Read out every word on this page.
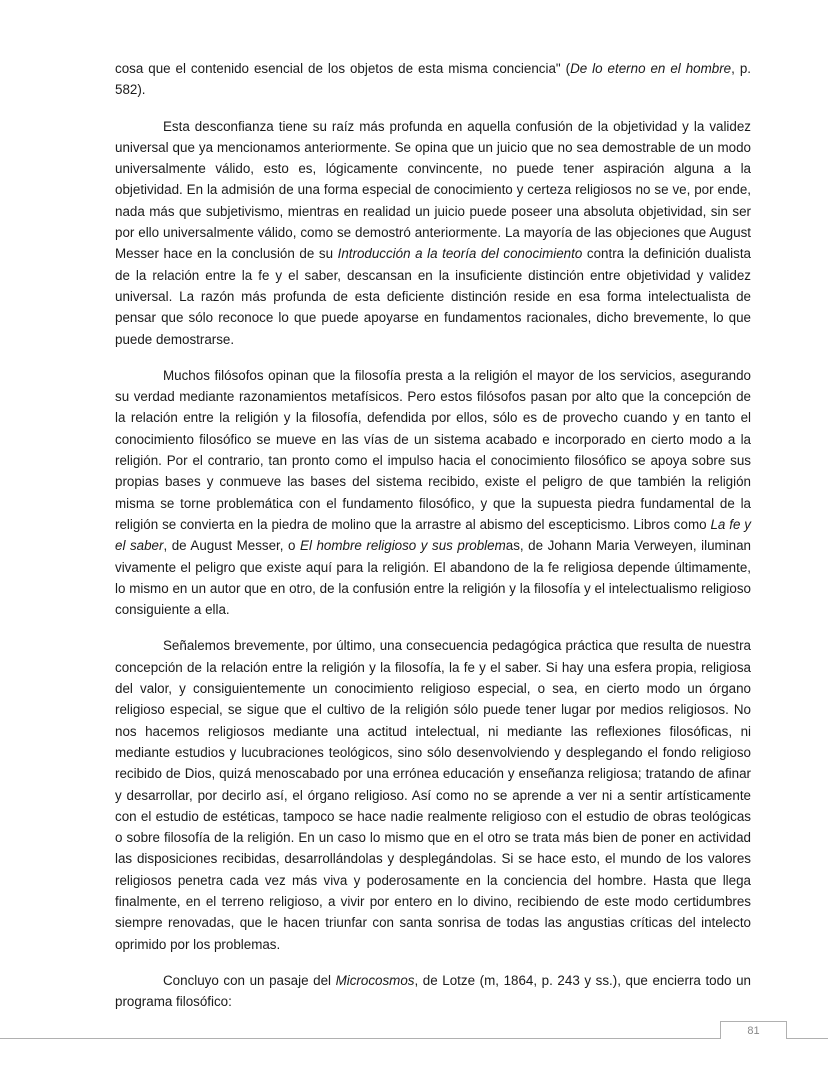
cosa que el contenido esencial de los objetos de esta misma conciencia" (De lo eterno en el hombre, p. 582).

Esta desconfianza tiene su raíz más profunda en aquella confusión de la objetividad y la validez universal que ya mencionamos anteriormente. Se opina que un juicio que no sea demostrable de un modo universalmente válido, esto es, lógicamente convincente, no puede tener aspiración alguna a la objetividad. En la admisión de una forma especial de conocimiento y certeza religiosos no se ve, por ende, nada más que subjetivismo, mientras en realidad un juicio puede poseer una absoluta objetividad, sin ser por ello universalmente válido, como se demostró anteriormente. La mayoría de las objeciones que August Messer hace en la conclusión de su Introducción a la teoría del conocimiento contra la definición dualista de la relación entre la fe y el saber, descansan en la insuficiente distinción entre objetividad y validez universal. La razón más profunda de esta deficiente distinción reside en esa forma intelectualista de pensar que sólo reconoce lo que puede apoyarse en fundamentos racionales, dicho brevemente, lo que puede demostrarse.

Muchos filósofos opinan que la filosofía presta a la religión el mayor de los servicios, asegurando su verdad mediante razonamientos metafísicos. Pero estos filósofos pasan por alto que la concepción de la relación entre la religión y la filosofía, defendida por ellos, sólo es de provecho cuando y en tanto el conocimiento filosófico se mueve en las vías de un sistema acabado e incorporado en cierto modo a la religión. Por el contrario, tan pronto como el impulso hacia el conocimiento filosófico se apoya sobre sus propias bases y conmueve las bases del sistema recibido, existe el peligro de que también la religión misma se torne problemática con el fundamento filosófico, y que la supuesta piedra fundamental de la religión se convierta en la piedra de molino que la arrastre al abismo del escepticismo. Libros como La fe y el saber, de August Messer, o El hombre religioso y sus problemas, de Johann Maria Verweyen, iluminan vivamente el peligro que existe aquí para la religión. El abandono de la fe religiosa depende últimamente, lo mismo en un autor que en otro, de la confusión entre la religión y la filosofía y el intelectualismo religioso consiguiente a ella.

Señalemos brevemente, por último, una consecuencia pedagógica práctica que resulta de nuestra concepción de la relación entre la religión y la filosofía, la fe y el saber. Si hay una esfera propia, religiosa del valor, y consiguientemente un conocimiento religioso especial, o sea, en cierto modo un órgano religioso especial, se sigue que el cultivo de la religión sólo puede tener lugar por medios religiosos. No nos hacemos religiosos mediante una actitud intelectual, ni mediante las reflexiones filosóficas, ni mediante estudios y lucubraciones teológicos, sino sólo desenvolviendo y desplegando el fondo religioso recibido de Dios, quizá menoscabado por una errónea educación y enseñanza religiosa; tratando de afinar y desarrollar, por decirlo así, el órgano religioso. Así como no se aprende a ver ni a sentir artísticamente con el estudio de estéticas, tampoco se hace nadie realmente religioso con el estudio de obras teológicas o sobre filosofía de la religión. En un caso lo mismo que en el otro se trata más bien de poner en actividad las disposiciones recibidas, desarrollándolas y desplegándolas. Si se hace esto, el mundo de los valores religiosos penetra cada vez más viva y poderosamente en la conciencia del hombre. Hasta que llega finalmente, en el terreno religioso, a vivir por entero en lo divino, recibiendo de este modo certidumbres siempre renovadas, que le hacen triunfar con santa sonrisa de todas las angustias críticas del intelecto oprimido por los problemas.

Concluyo con un pasaje del Microcosmos, de Lotze (m, 1864, p. 243 y ss.), que encierra todo un programa filosófico:

81
